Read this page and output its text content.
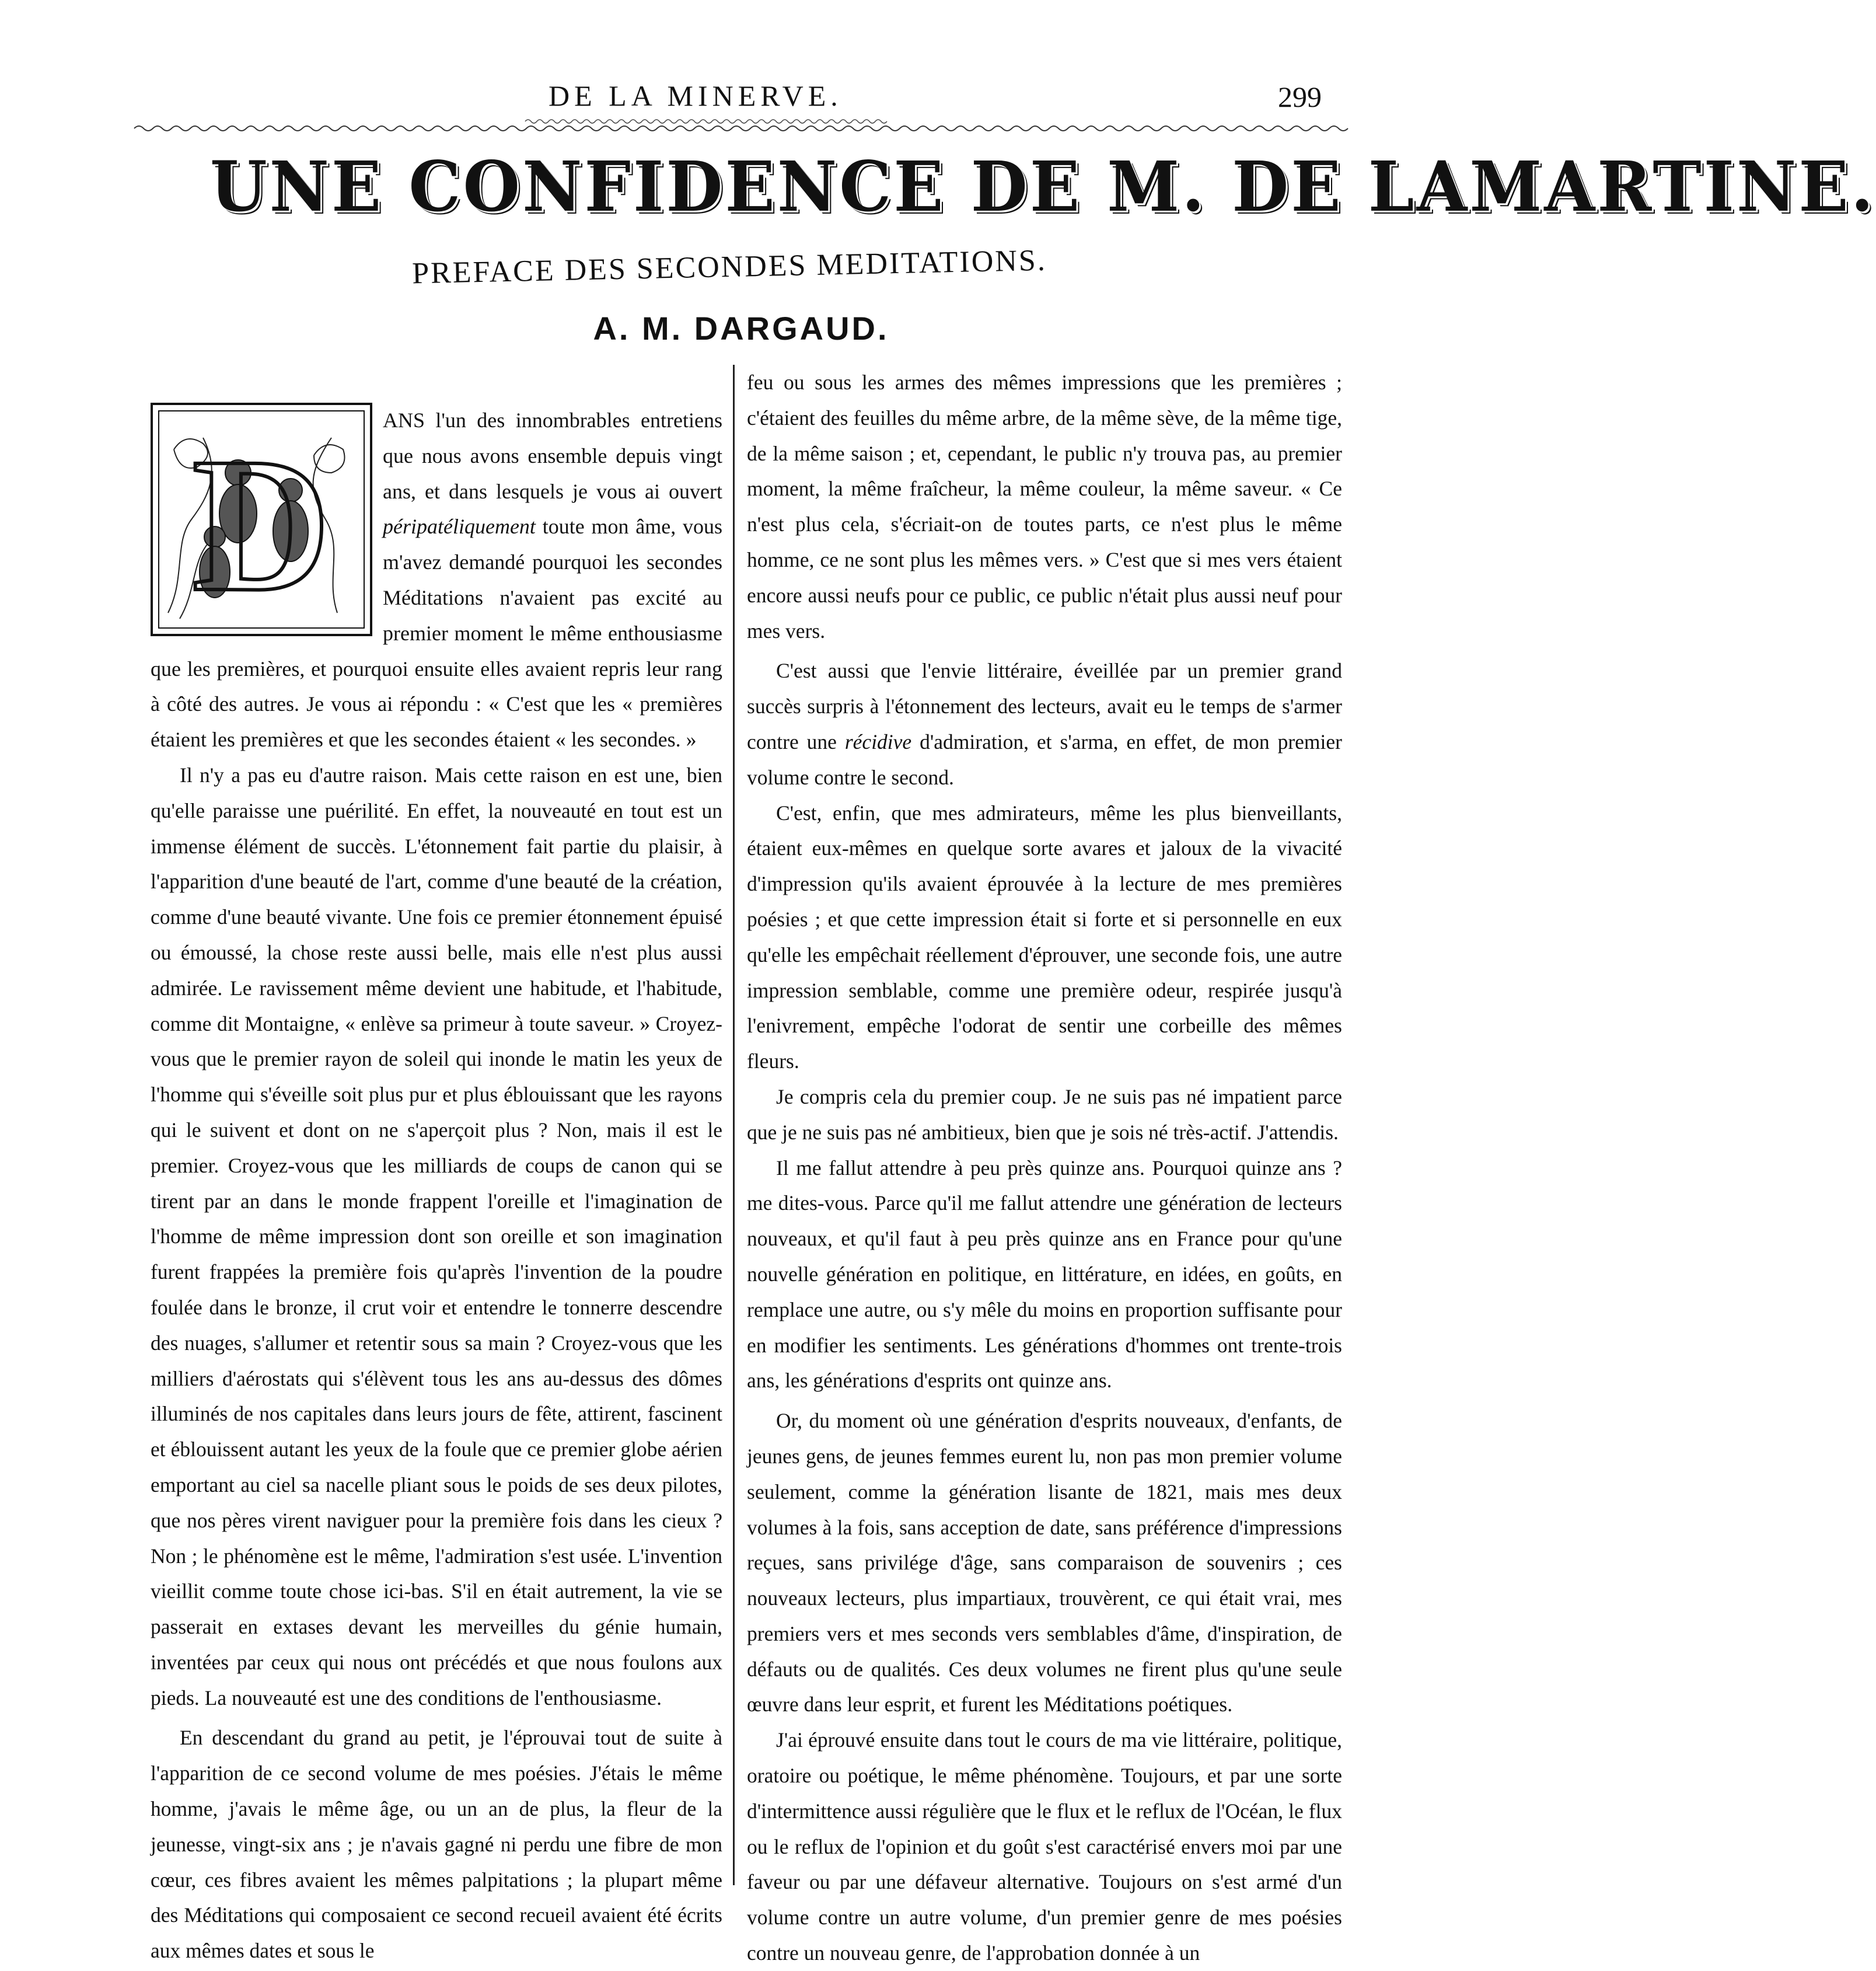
DE LA MINERVE.	299
UNE CONFIDENCE DE M. DE LAMARTINE.
PREFACE DES SECONDES MEDITATIONS.
A. M. DARGAUD.
D	ANS l'un des innombrables entretiens que nous avons ensemble depuis vingt ans, et dans lesquels je vous ai ouvert péripatéliquement toute mon âme, vous m'avez demandé pourquoi les secondes Méditations n'avaient pas excité au premier moment le même enthousiasme que les premières, et pourquoi ensuite elles avaient repris leur rang à côté des autres. Je vous ai répondu : « C'est que les « premières étaient les premières et que les secondes étaient « les secondes. »

Il n'y a pas eu d'autre raison. Mais cette raison en est une, bien qu'elle paraisse une puérilité. En effet, la nouveauté en tout est un immense élément de succès. L'étonnement fait partie du plaisir, à l'apparition d'une beauté de l'art, comme d'une beauté de la création, comme d'une beauté vivante. Une fois ce premier étonnement épuisé ou émoussé, la chose reste aussi belle, mais elle n'est plus aussi admirée. Le ravissement même devient une habitude, et l'habitude, comme dit Montaigne, « enlève sa primeur à toute saveur. » Croyez-vous que le premier rayon de soleil qui inonde le matin les yeux de l'homme qui s'éveille soit plus pur et plus éblouissant que les rayons qui le suivent et dont on ne s'aperçoit plus ? Non, mais il est le premier. Croyez-vous que les milliards de coups de canon qui se tirent par an dans le monde frappent l'oreille et l'imagination de l'homme de même impression dont son oreille et son imagination furent frappées la première fois qu'après l'invention de la poudre foulée dans le bronze, il crut voir et entendre le tonnerre descendre des nuages, s'allumer et retentir sous sa main ? Croyez-vous que les milliers d'aérostats qui s'élèvent tous les ans au-dessus des dômes illuminés de nos capitales dans leurs jours de fête, attirent, fascinent et éblouissent autant les yeux de la foule que ce premier globe aérien emportant au ciel sa nacelle pliant sous le poids de ses deux pilotes, que nos pères virent naviguer pour la première fois dans les cieux ? Non ; le phénomène est le même, l'admiration s'est usée. L'invention vieillit comme toute chose ici-bas. S'il en était autrement, la vie se passerait en extases devant les merveilles du génie humain, inventées par ceux qui nous ont précédés et que nous foulons aux pieds. La nouveauté est une des conditions de l'enthousiasme.

En descendant du grand au petit, je l'éprouvai tout de suite à l'apparition de ce second volume de mes poésies. J'étais le même homme, j'avais le même âge, ou un an de plus, la fleur de la jeunesse, vingt-six ans ; je n'avais gagné ni perdu une fibre de mon cœur, ces fibres avaient les mêmes palpitations ; la plupart même des Méditations qui composaient ce second recueil avaient été écrits aux mêmes dates et sous le

feu ou sous les armes des mêmes impressions que les premières ; c'étaient des feuilles du même arbre, de la même sève, de la même tige, de la même saison ; et, cependant, le public n'y trouva pas, au premier moment, la même fraîcheur, la même couleur, la même saveur. « Ce n'est plus cela, s'écriait-on de toutes parts, ce n'est plus le même homme, ce ne sont plus les mêmes vers. » C'est que si mes vers étaient encore aussi neufs pour ce public, ce public n'était plus aussi neuf pour mes vers.

C'est aussi que l'envie littéraire, éveillée par un premier grand succès surpris à l'étonnement des lecteurs, avait eu le temps de s'armer contre une récidive d'admiration, et s'arma, en effet, de mon premier volume contre le second.

C'est, enfin, que mes admirateurs, même les plus bienveillants, étaient eux-mêmes en quelque sorte avares et jaloux de la vivacité d'impression qu'ils avaient éprouvée à la lecture de mes premières poésies ; et que cette impression était si forte et si personnelle en eux qu'elle les empêchait réellement d'éprouver, une seconde fois, une autre impression semblable, comme une première odeur, respirée jusqu'à l'enivrement, empêche l'odorat de sentir une corbeille des mêmes fleurs.

Je compris cela du premier coup. Je ne suis pas né impatient parce que je ne suis pas né ambitieux, bien que je sois né très-actif. J'attendis.

Il me fallut attendre à peu près quinze ans. Pourquoi quinze ans ? me dites-vous. Parce qu'il me fallut attendre une génération de lecteurs nouveaux, et qu'il faut à peu près quinze ans en France pour qu'une nouvelle génération en politique, en littérature, en idées, en goûts, en remplace une autre, ou s'y mêle du moins en proportion suffisante pour en modifier les sentiments. Les générations d'hommes ont trente-trois ans, les générations d'esprits ont quinze ans.

Or, du moment où une génération d'esprits nouveaux, d'enfants, de jeunes gens, de jeunes femmes eurent lu, non pas mon premier volume seulement, comme la génération lisante de 1821, mais mes deux volumes à la fois, sans acception de date, sans préférence d'impressions reçues, sans privilége d'âge, sans comparaison de souvenirs ; ces nouveaux lecteurs, plus impartiaux, trouvèrent, ce qui était vrai, mes premiers vers et mes seconds vers semblables d'âme, d'inspiration, de défauts ou de qualités. Ces deux volumes ne firent plus qu'une seule œuvre dans leur esprit, et furent les Méditations poétiques.

J'ai éprouvé ensuite dans tout le cours de ma vie littéraire, politique, oratoire ou poétique, le même phénomène. Toujours, et par une sorte d'intermittence aussi régulière que le flux et le reflux de l'Océan, le flux ou le reflux de l'opinion et du goût s'est caractérisé envers moi par une faveur ou par une défaveur alternative. Toujours on s'est armé d'un volume contre un autre volume, d'un premier genre de mes poésies contre un nouveau genre, de l'approbation donnée à un
